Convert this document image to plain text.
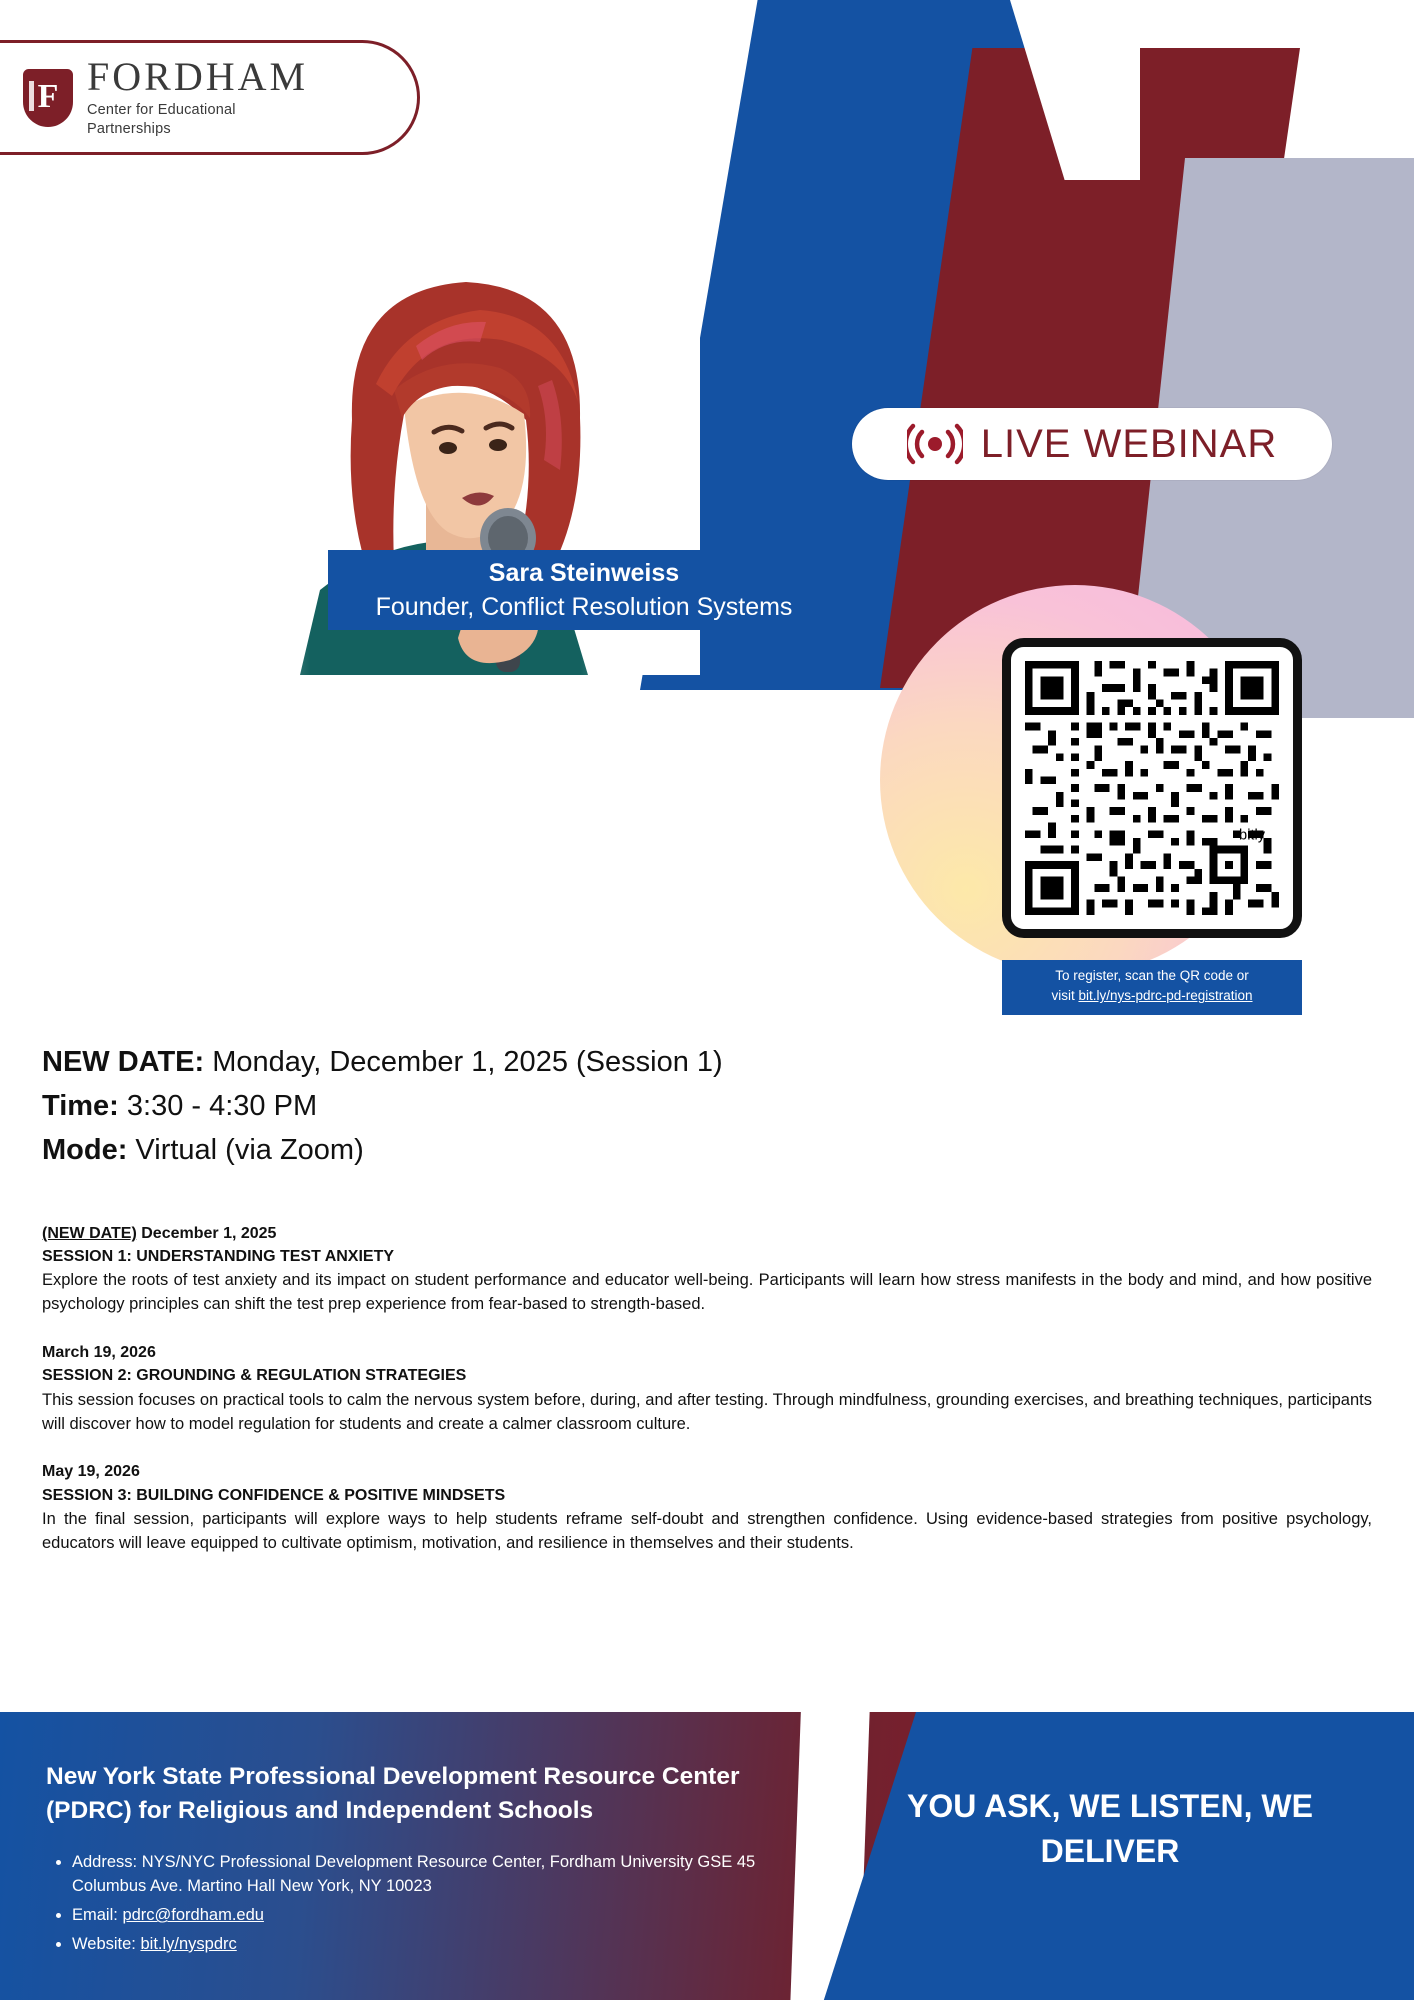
F
FORDHAM
Center for Educational
Partnerships
LIVE WEBINAR
Sara Steinweiss
Founder, Conflict Resolution Systems
TEST PREP ANXIETY: STRATEGIES FOR CALM, FOCUS, AND CONFIDENCE

Join educator and positive psychology practitioner Sara Steinweiss for a 3-part professional development webinar series designed to help educators support students and themselves through the stress of test preparation. Each one-hour session integrates practical strategies grounded in positive psychology, mindfulness, and grounding techniques to reduce anxiety, build resilience, and enhance performance under pressure.

bitly
To register, scan the QR code or
visit bit.ly/nys-pdrc-pd-registration
NEW DATE: Monday, December 1, 2025 (Session 1)
Time: 3:30 - 4:30 PM
Mode: Virtual (via Zoom)
(NEW DATE) December 1, 2025
SESSION 1: UNDERSTANDING TEST ANXIETY
Explore the roots of test anxiety and its impact on student performance and educator well-being. Participants will learn how stress manifests in the body and mind, and how positive psychology principles can shift the test prep experience from fear-based to strength-based.
March 19, 2026
SESSION 2: GROUNDING & REGULATION STRATEGIES
This session focuses on practical tools to calm the nervous system before, during, and after testing. Through mindfulness, grounding exercises, and breathing techniques, participants will discover how to model regulation for students and create a calmer classroom culture.
May 19, 2026
SESSION 3: BUILDING CONFIDENCE & POSITIVE MINDSETS
In the final session, participants will explore ways to help students reframe self-doubt and strengthen confidence. Using evidence-based strategies from positive psychology, educators will leave equipped to cultivate optimism, motivation, and resilience in themselves and their students.
New York State Professional Development Resource Center (PDRC) for Religious and Independent Schools
• Address: NYS/NYC Professional Development Resource Center, Fordham University GSE 45 Columbus Ave. Martino Hall New York, NY 10023
• Email: pdrc@fordham.edu
• Website: bit.ly/nyspdrc
YOU ASK, WE LISTEN, WE DELIVER
